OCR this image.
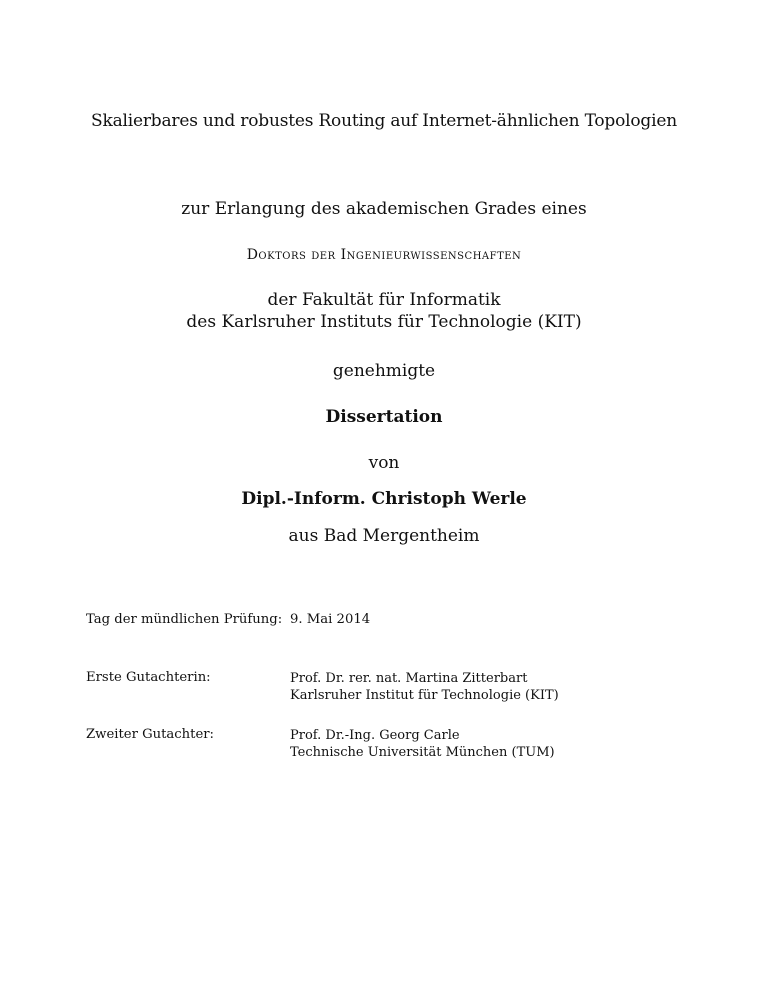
Skalierbares und robustes Routing auf Internet-ähnlichen Topologien
zur Erlangung des akademischen Grades eines
Doktors der Ingenieurwissenschaften
der Fakultät für Informatik
des Karlsruher Instituts für Technologie (KIT)
genehmigte
Dissertation
von
Dipl.-Inform. Christoph Werle
aus Bad Mergentheim
Tag der mündlichen Prüfung: 9. Mai 2014
Erste Gutachterin:	Prof. Dr. rer. nat. Martina Zitterbart
Karlsruher Institut für Technologie (KIT)
Zweiter Gutachter:	Prof. Dr.-Ing. Georg Carle
Technische Universität München (TUM)
